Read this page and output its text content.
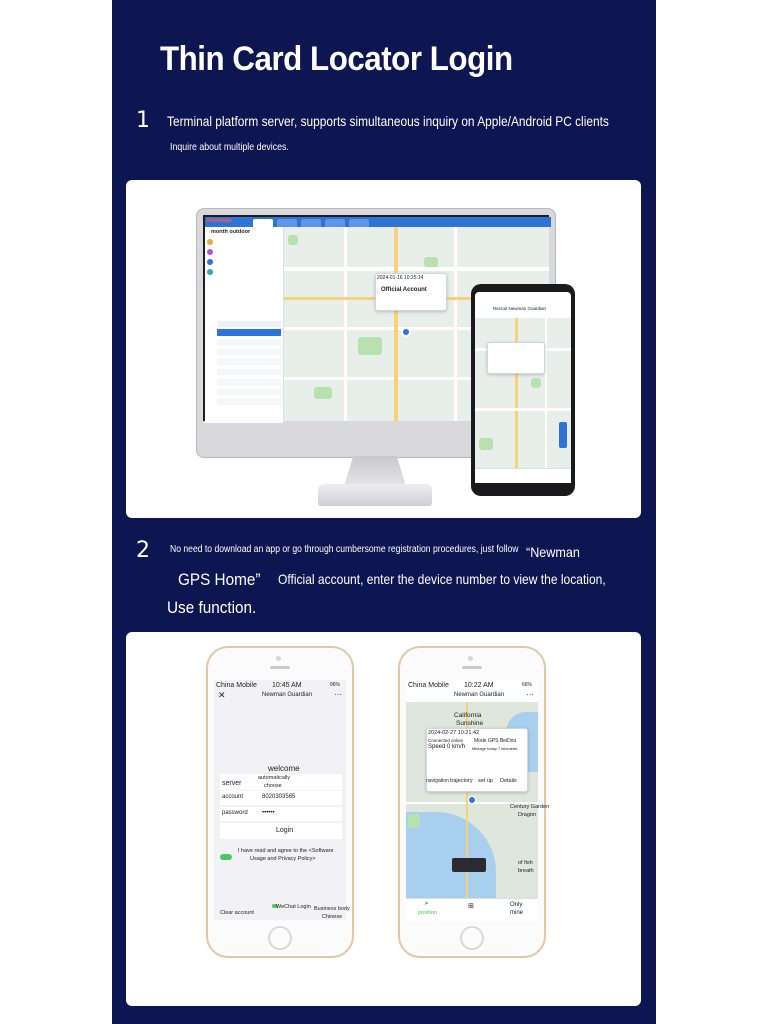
Thin Card Locator Login
1 Terminal platform server, supports simultaneous inquiry on Apple/Android PC clients
Inquire about multiple devices.
Newman
month outdoor
2024-01-16 10:25:14
Official Account
Recruit Newman Guardian
2 No need to download an app or go through cumbersome registration procedures, just follow “Newman
GPS Home” Official account, enter the device number to view the location,
Use function.
China Mobile 10:45 AM	96%
✕	Newman Guardian	···
welcome
server
automatically
choose
account	8020303565
password ••••••
Login
I have read and agree to the <Software
Usage and Privacy Policy>
WeChat Login
Clear account
Business body
Chinese
China Mobile 10:22 AM	66%
Newman Guardian	···
California
Sunshine
2024-02-27 10:21:42
Connected online Mode GPS BeiDou
Speed 0 km/h Mileage today 7 kilometer
navigation trajectory set up Details
Century Garden
Dragon
of fish
breath
➤
position
⊞	Only
mine
